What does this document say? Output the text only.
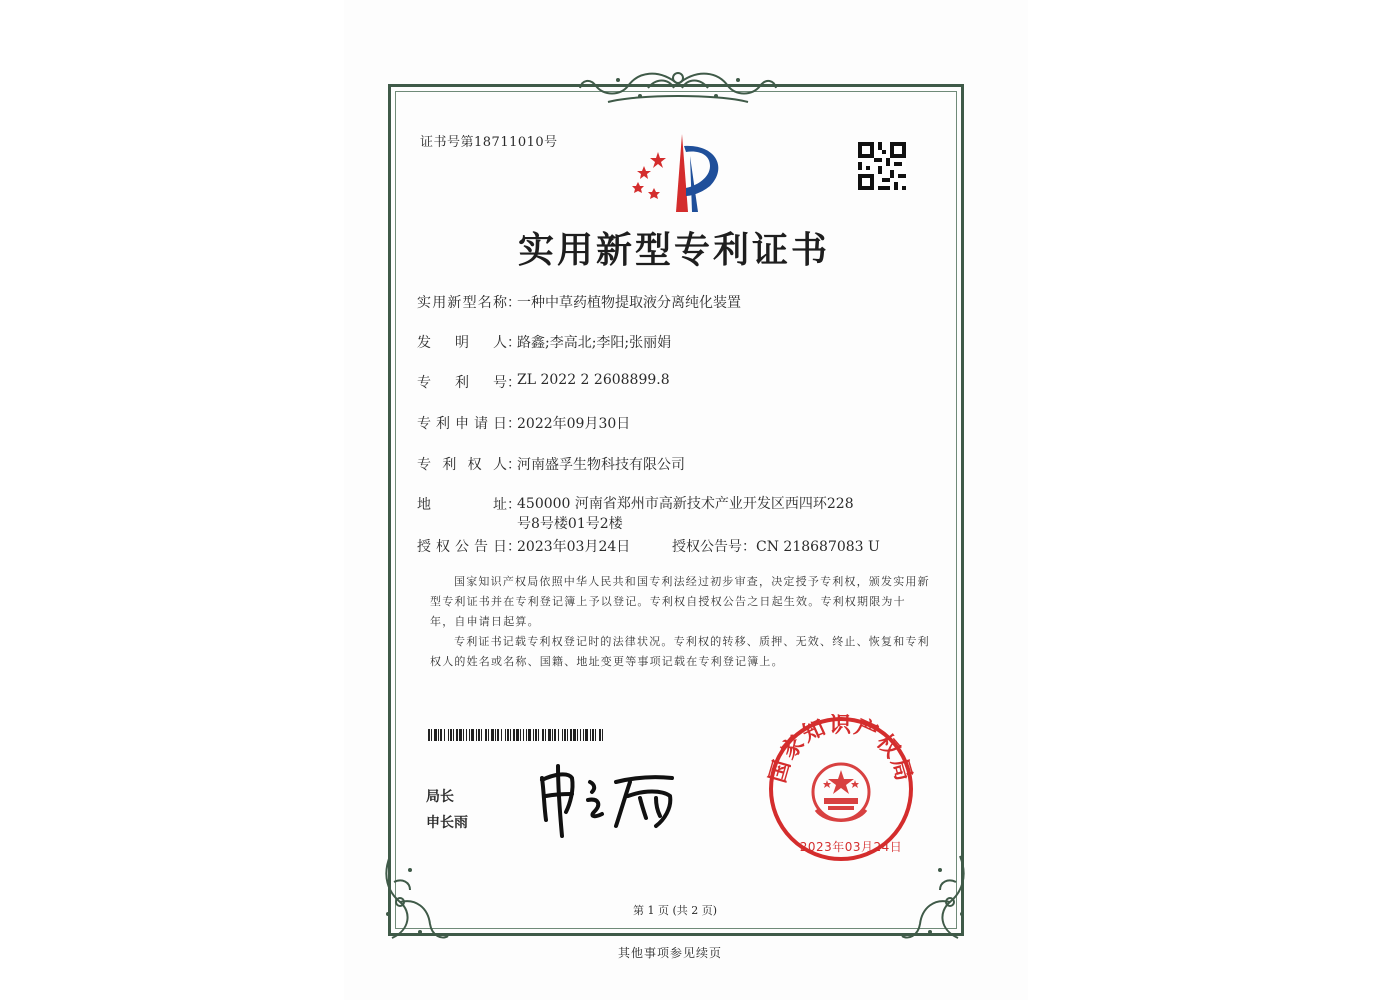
证书号第18711010号
实用新型专利证书
实 用 新 型 名 称 ：
一种中草药植物提取液分离纯化装置
发 明 人 ：
路鑫;李高北;李阳;张丽娟
专 利 号 ：
ZL 2022 2 2608899.8
专 利 申 请 日 ：
2022年09月30日
专 利 权 人 ：
河南盛孚生物科技有限公司
地	址 ：
450000 河南省郑州市高新技术产业开发区西四环228号8号楼01号2楼
授 权 公 告 日 ：
2023年03月24日	授权公告号：CN 218687083 U

国家知识产权局依照中华人民共和国专利法经过初步审查，决定授予专利权，颁发实用新型专利证书并在专利登记簿上予以登记。专利权自授权公告之日起生效。专利权期限为十年，自申请日起算。

专利证书记载专利权登记时的法律状况。专利权的转移、质押、无效、终止、恢复和专利权人的姓名或名称、国籍、地址变更等事项记载在专利登记簿上。

局长
申长雨
国家知识产权局
2023年03月24日
第 1 页 (共 2 页)
其他事项参见续页
